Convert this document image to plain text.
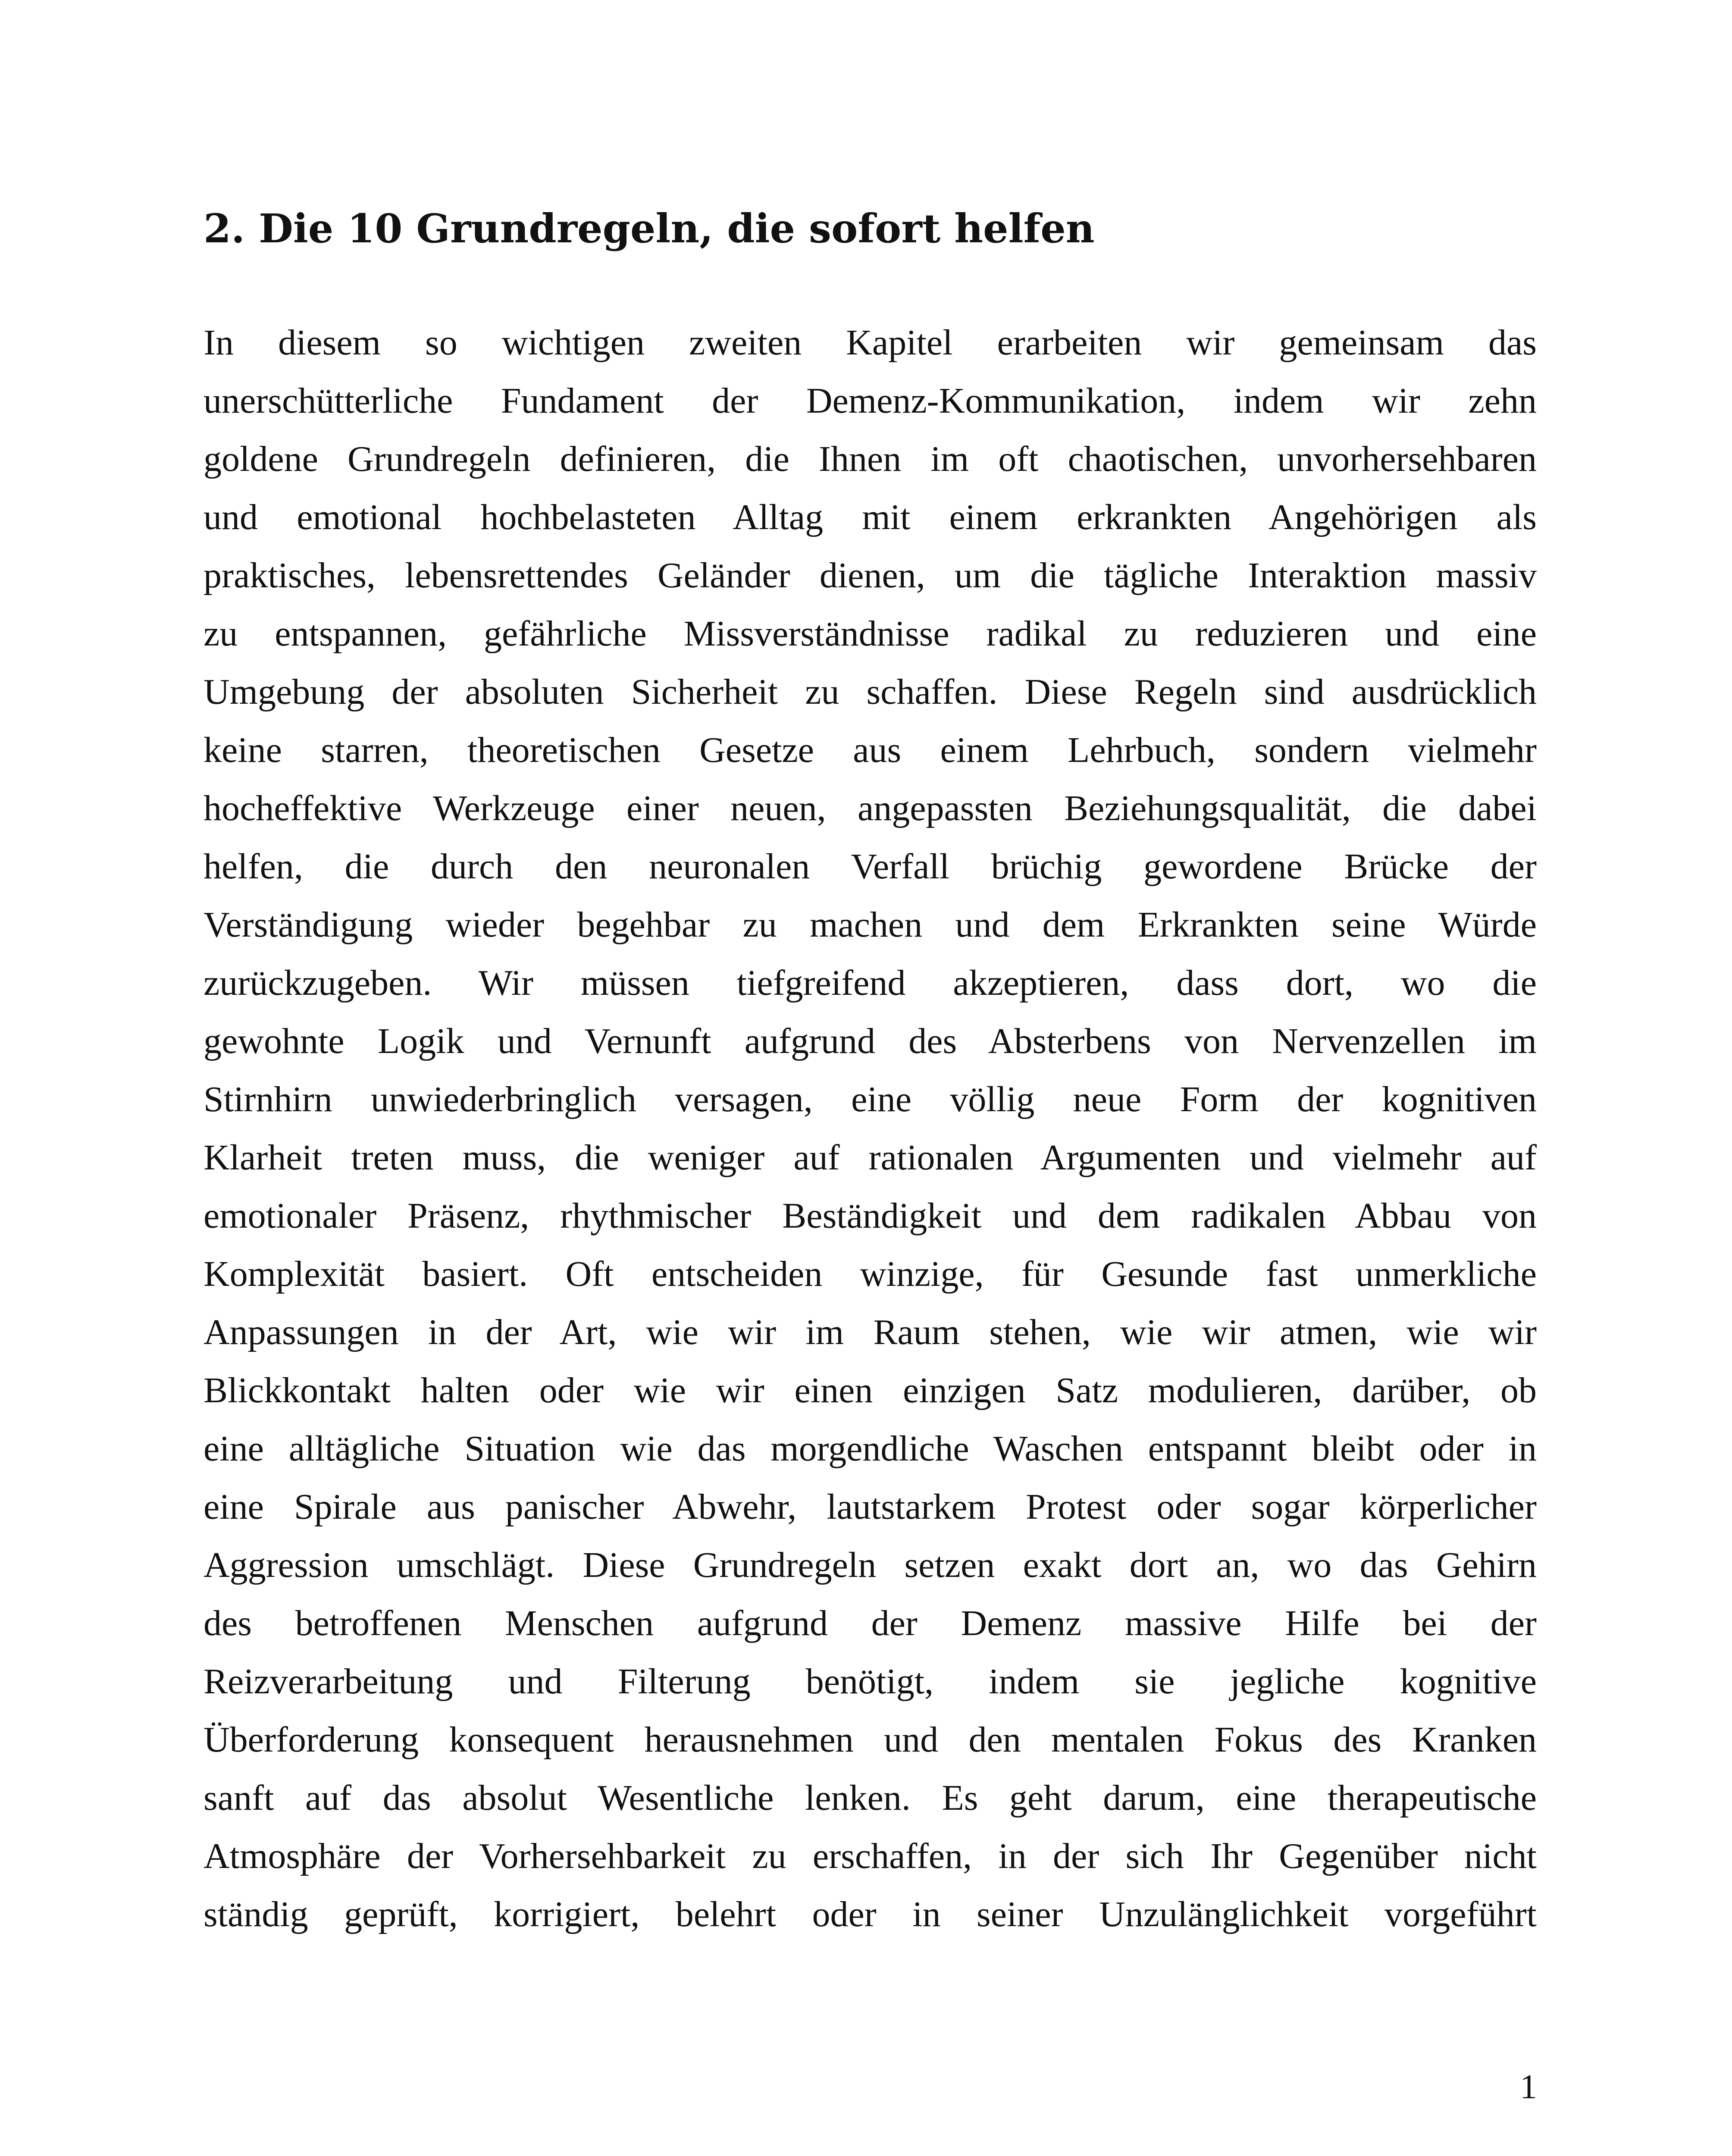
2. Die 10 Grundregeln, die sofort helfen
In diesem so wichtigen zweiten Kapitel erarbeiten wir gemeinsam das
unerschütterliche Fundament der Demenz-Kommunikation, indem wir zehn
goldene Grundregeln definieren, die Ihnen im oft chaotischen, unvorhersehbaren
und emotional hochbelasteten Alltag mit einem erkrankten Angehörigen als
praktisches, lebensrettendes Geländer dienen, um die tägliche Interaktion massiv
zu entspannen, gefährliche Missverständnisse radikal zu reduzieren und eine
Umgebung der absoluten Sicherheit zu schaffen. Diese Regeln sind ausdrücklich
keine starren, theoretischen Gesetze aus einem Lehrbuch, sondern vielmehr
hocheffektive Werkzeuge einer neuen, angepassten Beziehungsqualität, die dabei
helfen, die durch den neuronalen Verfall brüchig gewordene Brücke der
Verständigung wieder begehbar zu machen und dem Erkrankten seine Würde
zurückzugeben. Wir müssen tiefgreifend akzeptieren, dass dort, wo die
gewohnte Logik und Vernunft aufgrund des Absterbens von Nervenzellen im
Stirnhirn unwiederbringlich versagen, eine völlig neue Form der kognitiven
Klarheit treten muss, die weniger auf rationalen Argumenten und vielmehr auf
emotionaler Präsenz, rhythmischer Beständigkeit und dem radikalen Abbau von
Komplexität basiert. Oft entscheiden winzige, für Gesunde fast unmerkliche
Anpassungen in der Art, wie wir im Raum stehen, wie wir atmen, wie wir
Blickkontakt halten oder wie wir einen einzigen Satz modulieren, darüber, ob
eine alltägliche Situation wie das morgendliche Waschen entspannt bleibt oder in
eine Spirale aus panischer Abwehr, lautstarkem Protest oder sogar körperlicher
Aggression umschlägt. Diese Grundregeln setzen exakt dort an, wo das Gehirn
des betroffenen Menschen aufgrund der Demenz massive Hilfe bei der
Reizverarbeitung und Filterung benötigt, indem sie jegliche kognitive
Überforderung konsequent herausnehmen und den mentalen Fokus des Kranken
sanft auf das absolut Wesentliche lenken. Es geht darum, eine therapeutische
Atmosphäre der Vorhersehbarkeit zu erschaffen, in der sich Ihr Gegenüber nicht
ständig geprüft, korrigiert, belehrt oder in seiner Unzulänglichkeit vorgeführt
1
